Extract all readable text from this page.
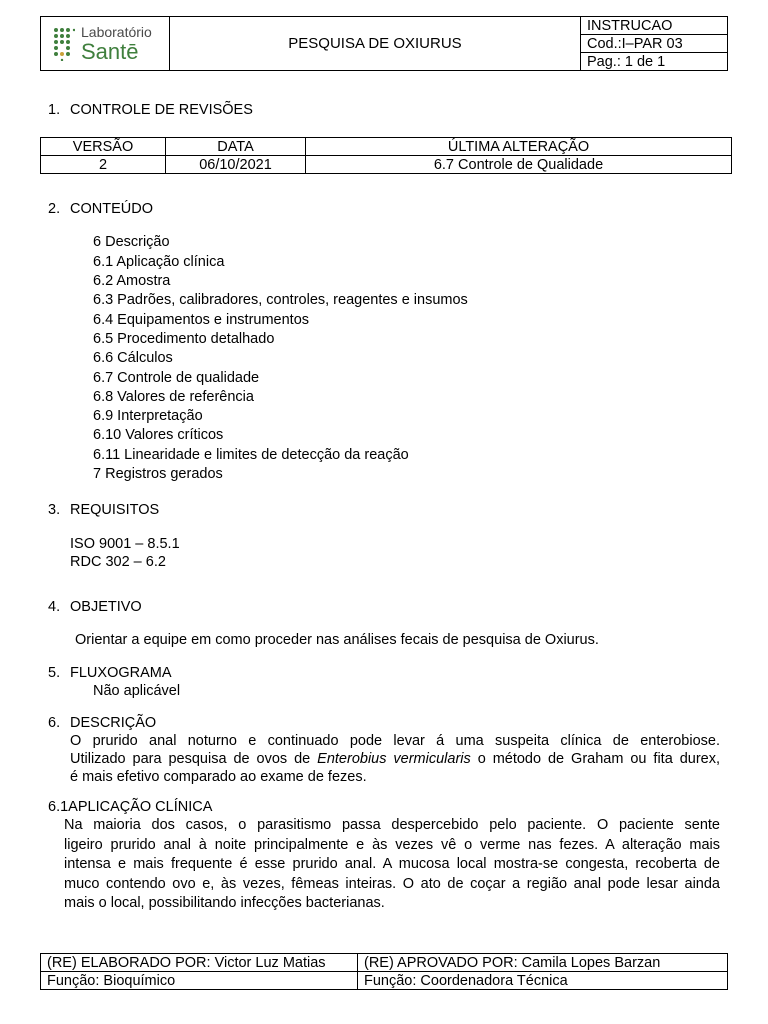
Laboratório
Santē	PESQUISA DE OXIURUS	INSTRUCAO
Cod.:I–PAR 03
Pag.: 1 de 1
1. CONTROLE DE REVISÕES
VERSÃO	DATA	ÚLTIMA ALTERAÇÃO
2	06/10/2021	6.7 Controle de Qualidade
2. CONTEÚDO
6 Descrição
6.1 Aplicação clínica
6.2 Amostra
6.3 Padrões, calibradores, controles, reagentes e insumos
6.4 Equipamentos e instrumentos
6.5 Procedimento detalhado
6.6 Cálculos
6.7 Controle de qualidade
6.8 Valores de referência
6.9 Interpretação
6.10 Valores críticos
6.11 Linearidade e limites de detecção da reação
7 Registros gerados
3. REQUISITOS
ISO 9001 – 8.5.1
RDC 302 – 6.2
4. OBJETIVO
Orientar a equipe em como proceder nas análises fecais de pesquisa de Oxiurus.
5. FLUXOGRAMA
Não aplicável
6. DESCRIÇÃO
O prurido anal noturno e continuado pode levar á uma suspeita clínica de enterobiose.
Utilizado para pesquisa de ovos de Enterobius vermicularis o método de Graham ou fita durex,
é mais efetivo comparado ao exame de fezes.
6.1APLICAÇÃO CLÍNICA
Na maioria dos casos, o parasitismo passa despercebido pelo paciente. O paciente sente
ligeiro prurido anal à noite principalmente e às vezes vê o verme nas fezes. A alteração mais
intensa e mais frequente é esse prurido anal. A mucosa local mostra-se congesta, recoberta de
muco contendo ovo e, às vezes, fêmeas inteiras. O ato de coçar a região anal pode lesar ainda
mais o local, possibilitando infecções bacterianas.
(RE) ELABORADO POR: Victor Luz Matias	(RE) APROVADO POR: Camila Lopes Barzan
Função: Bioquímico	Função: Coordenadora Técnica
